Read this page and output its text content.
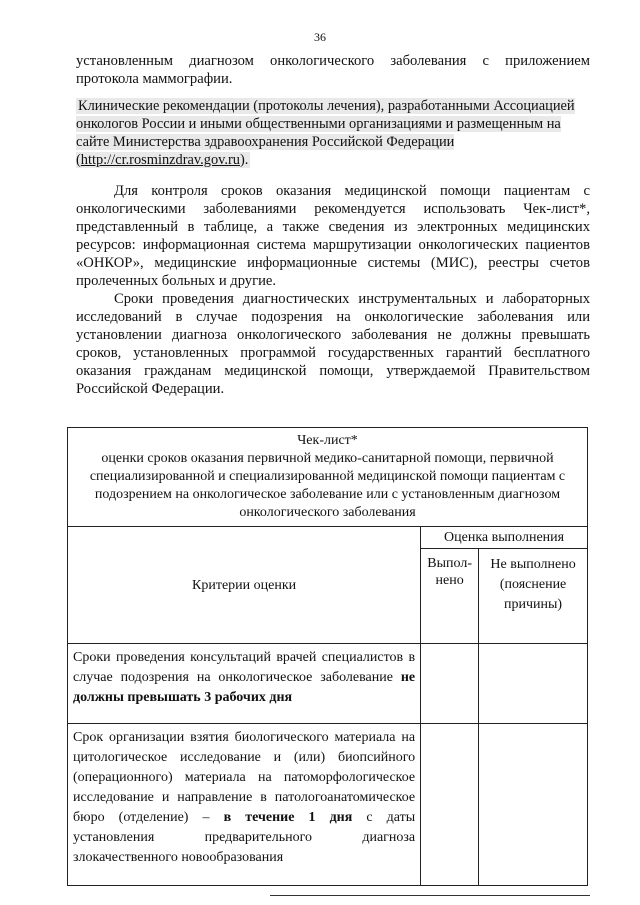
36

установленным диагнозом онкологического заболевания с приложением протокола маммографии.

Клинические рекомендации (протоколы лечения), разработанными Ассоциацией онкологов России и иными общественными организациями и размещенным на сайте Министерства здравоохранения Российской Федерации (http://cr.rosminzdrav.gov.ru).

Для контроля сроков оказания медицинской помощи пациентам с онкологическими заболеваниями рекомендуется использовать Чек-лист*, представленный в таблице, а также сведения из электронных медицинских ресурсов: информационная система маршрутизации онкологических пациентов «ОНКОР», медицинские информационные системы (МИС), реестры счетов пролеченных больных и другие.

Сроки проведения диагностических инструментальных и лабораторных исследований в случае подозрения на онкологические заболевания или установлении диагноза онкологического заболевания не должны превышать сроков, установленных программой государственных гарантий бесплатного оказания гражданам медицинской помощи, утверждаемой Правительством Российской Федерации.

Чек-лист*
оценки сроков оказания первичной медико-санитарной помощи, первичной специализированной и специализированной медицинской помощи пациентам с подозрением на онкологическое заболевание или с установленным диагнозом онкологического заболевания		

Критерии оценки	Оценка выполнения	
	Выпол-нено	Не выполнено (пояснение причины)
Сроки проведения консультаций врачей специалистов в случае подозрения на онкологическое заболевание не должны превышать 3 рабочих дня		
Срок организации взятия биологического материала на цитологическое исследование и (или) биопсийного (операционного) материала на патоморфологическое исследование и направление в патологоанатомическое бюро (отделение) – в течение 1 дня с даты установления предварительного диагноза злокачественного новообразования		
